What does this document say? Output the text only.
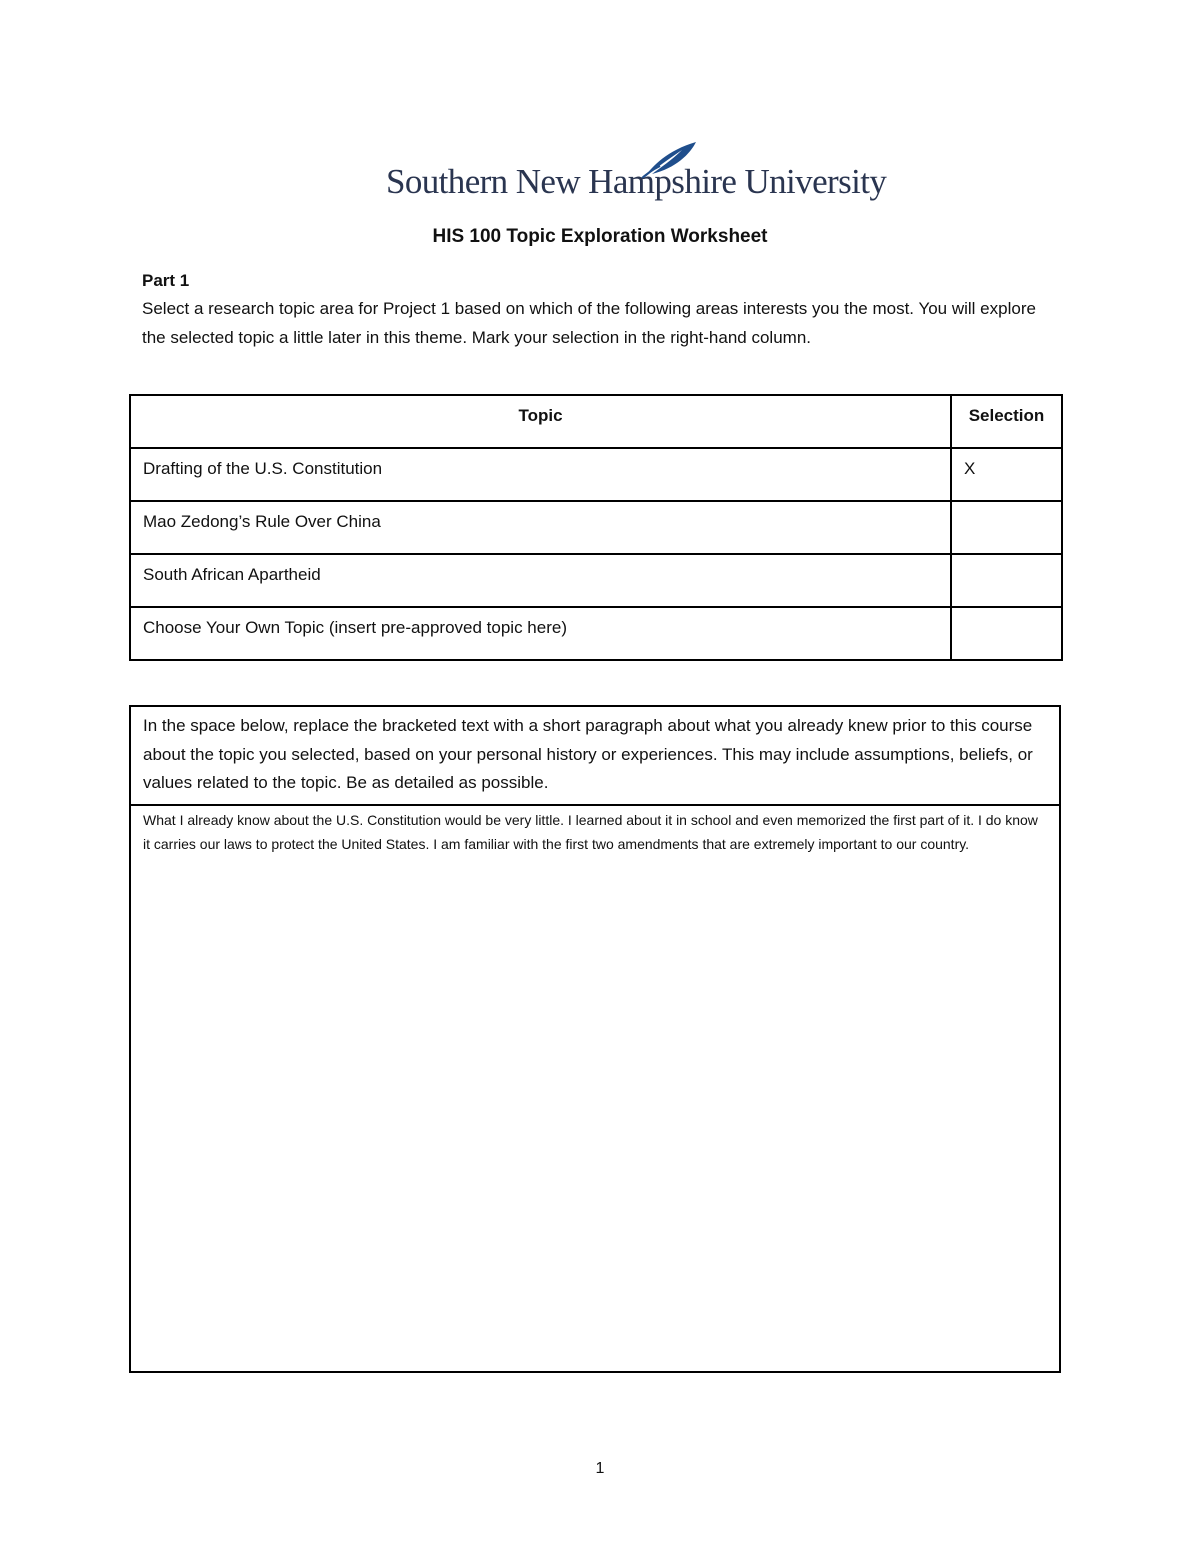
Southern New Hampshire University
HIS 100 Topic Exploration Worksheet
Part 1
Select a research topic area for Project 1 based on which of the following areas interests you the most. You will explore the selected topic a little later in this theme. Mark your selection in the right-hand column.
Topic	Selection
Drafting of the U.S. Constitution	X
Mao Zedong’s Rule Over China	
South African Apartheid	
Choose Your Own Topic (insert pre-approved topic here)	
In the space below, replace the bracketed text with a short paragraph about what you already knew prior to this course about the topic you selected, based on your personal history or experiences. This may include assumptions, beliefs, or values related to the topic. Be as detailed as possible.
What I already know about the U.S. Constitution would be very little. I learned about it in school and even memorized the first part of it. I do know it carries our laws to protect the United States. I am familiar with the first two amendments that are extremely important to our country.
1
